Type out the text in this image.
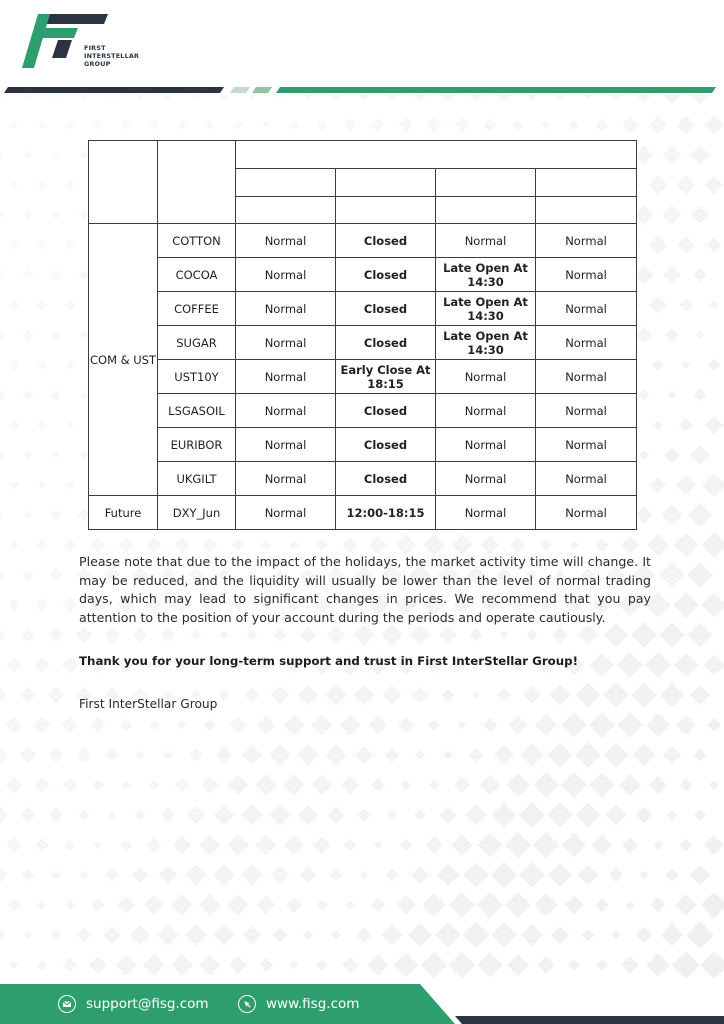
FIRST
INTERSTELLAR
GROUP
TYPE	SYMBOL	MT4/MT5 Server Time (GMT+3)			
		2 Apr	3 Apr	6 Apr	7 Apr
		THU	FRI	MON	TUE
COM & UST	COTTON	Normal	Closed	Normal	Normal
	COCOA	Normal	Closed	Late Open At 14:30	Normal
	COFFEE	Normal	Closed	Late Open At 14:30	Normal
	SUGAR	Normal	Closed	Late Open At 14:30	Normal
	UST10Y	Normal	Early Close At 18:15	Normal	Normal
	LSGASOIL	Normal	Closed	Normal	Normal
	EURIBOR	Normal	Closed	Normal	Normal
	UKGILT	Normal	Closed	Normal	Normal
Future	DXY_Jun	Normal	12:00-18:15	Normal	Normal

Please note that due to the impact of the holidays, the market activity time will change. It may be reduced, and the liquidity will usually be lower than the level of normal trading days, which may lead to significant changes in prices. We recommend that you pay attention to the position of your account during the periods and operate cautiously.

Thank you for your long-term support and trust in First InterStellar Group!

First InterStellar Group

support@fisg.com	www.fisg.com
